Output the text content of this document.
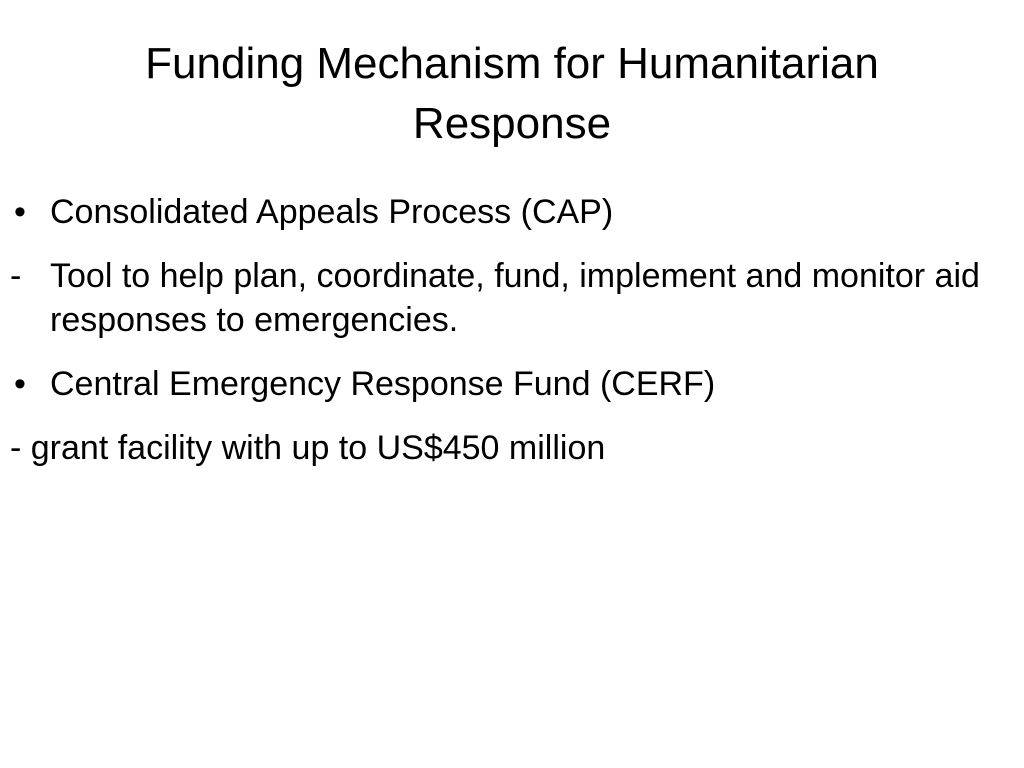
Funding Mechanism for Humanitarian Response
• Consolidated Appeals Process (CAP)
- Tool to help plan, coordinate, fund, implement and monitor aid responses to emergencies.
• Central Emergency Response Fund (CERF)
- grant facility with up to US$450 million
